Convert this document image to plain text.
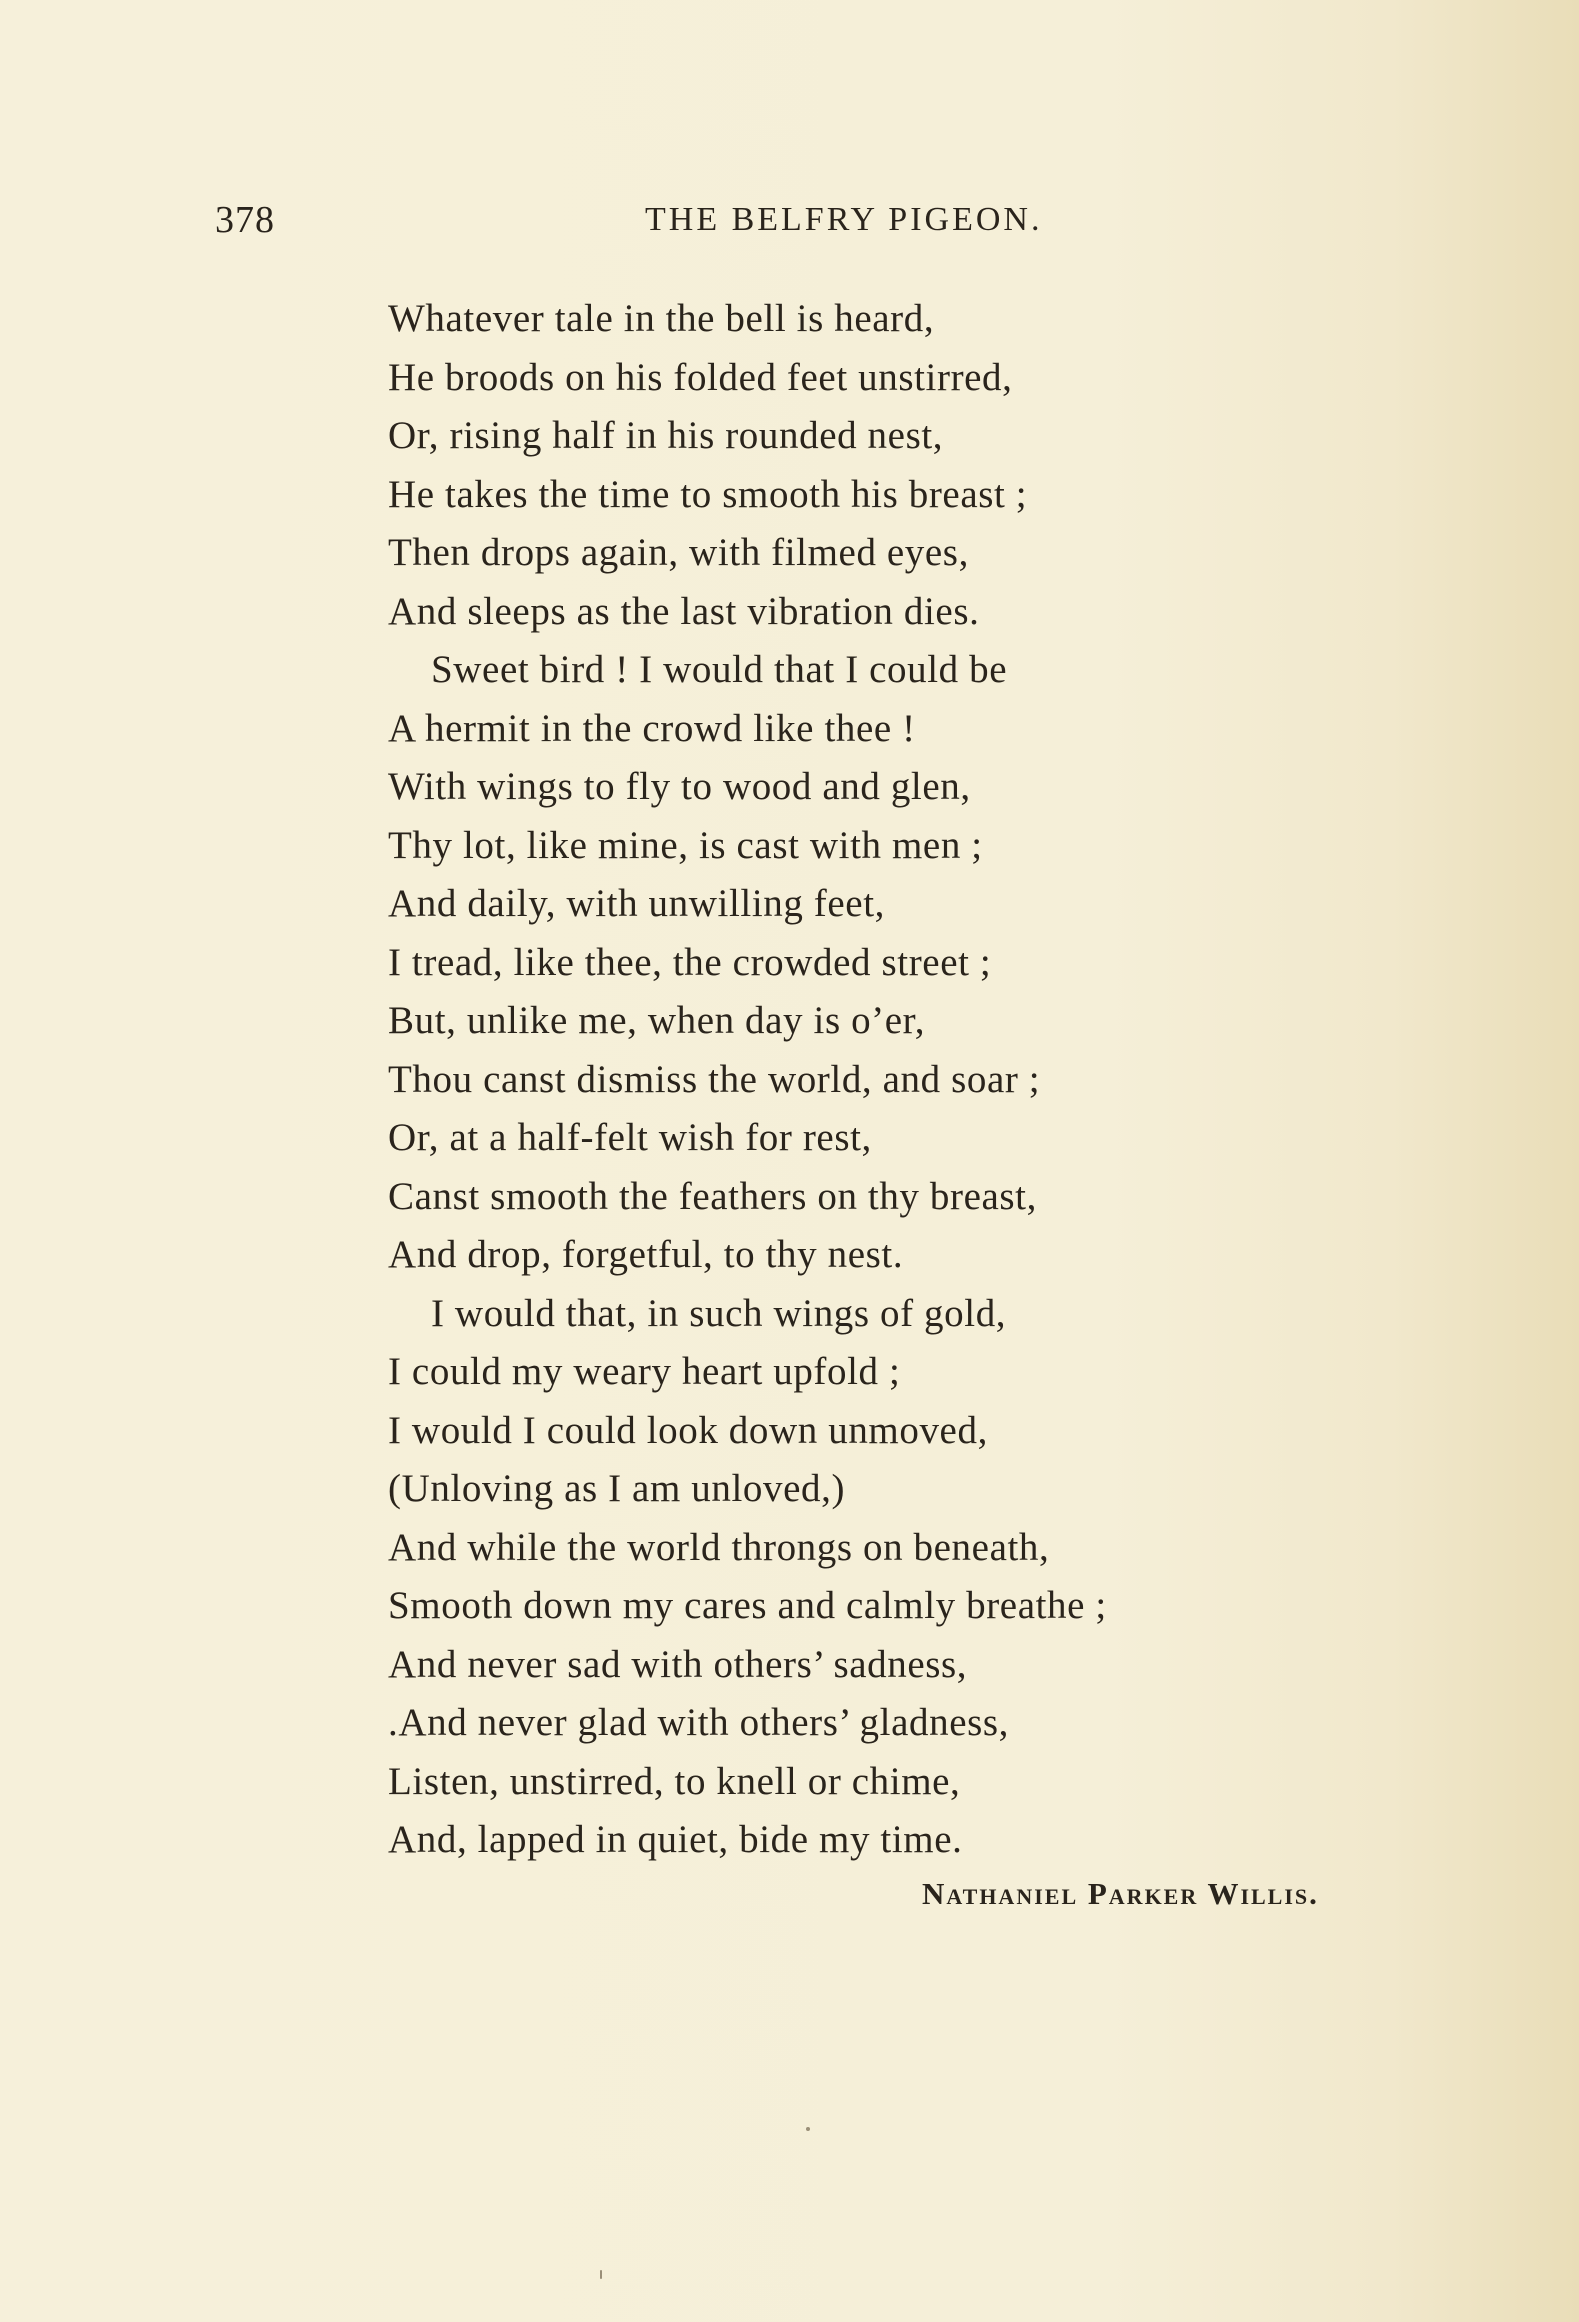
378	THE BELFRY PIGEON.
Whatever tale in the bell is heard,
He broods on his folded feet unstirred,
Or, rising half in his rounded nest,
He takes the time to smooth his breast ;
Then drops again, with filmed eyes,
And sleeps as the last vibration dies.
Sweet bird ! I would that I could be
A hermit in the crowd like thee !
With wings to fly to wood and glen,
Thy lot, like mine, is cast with men ;
And daily, with unwilling feet,
I tread, like thee, the crowded street ;
But, unlike me, when day is o’er,
Thou canst dismiss the world, and soar ;
Or, at a half-felt wish for rest,
Canst smooth the feathers on thy breast,
And drop, forgetful, to thy nest.
I would that, in such wings of gold,
I could my weary heart upfold ;
I would I could look down unmoved,
(Unloving as I am unloved,)
And while the world throngs on beneath,
Smooth down my cares and calmly breathe ;
And never sad with others’ sadness,
.And never glad with others’ gladness,
Listen, unstirred, to knell or chime,
And, lapped in quiet, bide my time.
Nathaniel Parker Willis.
